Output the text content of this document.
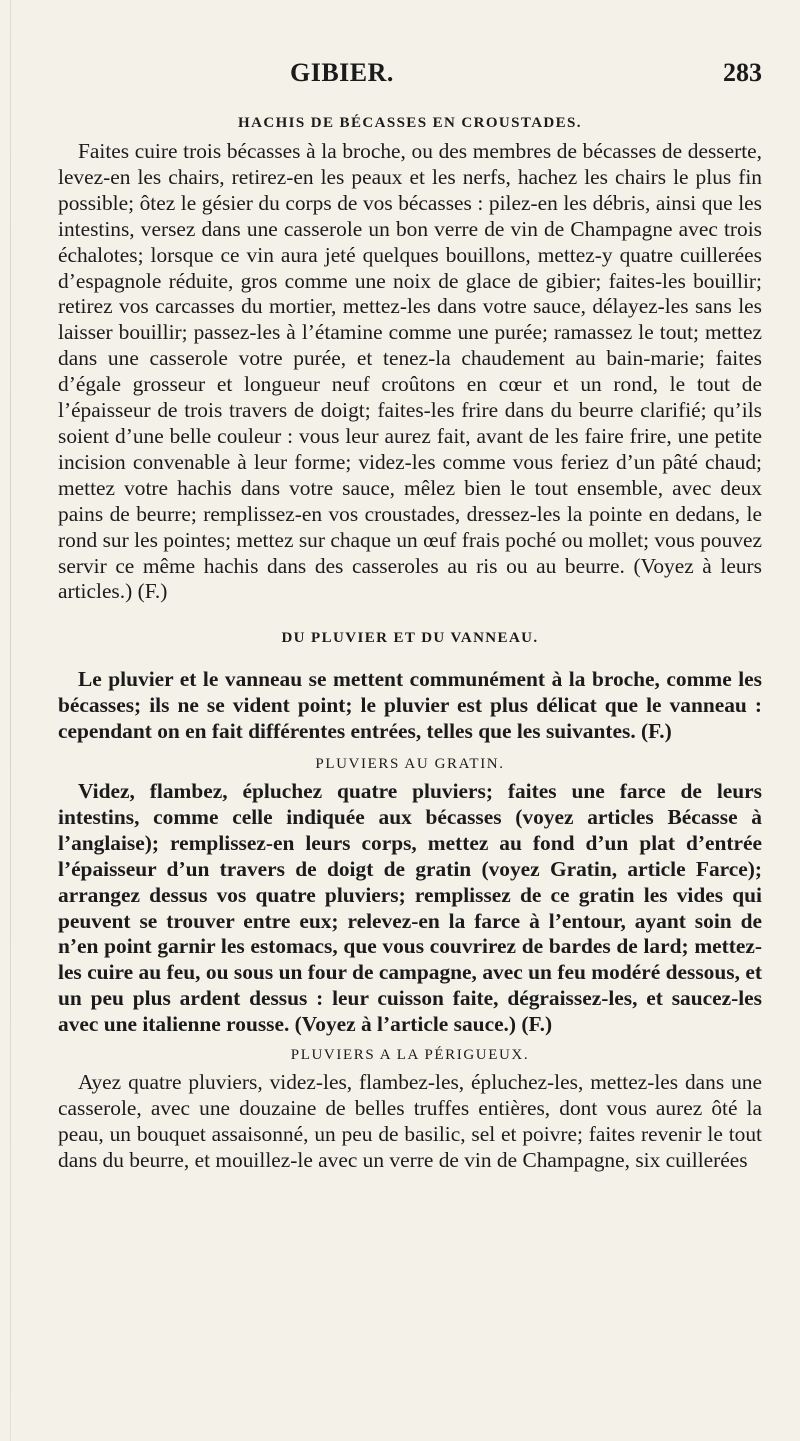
GIBIER.	283

HACHIS DE BÉCASSES EN CROUSTADES.

Faites cuire trois bécasses à la broche, ou des membres de bécasses de desserte, levez-en les chairs, retirez-en les peaux et les nerfs, hachez les chairs le plus fin possible; ôtez le gésier du corps de vos bécasses : pilez-en les débris, ainsi que les intestins, versez dans une casserole un bon verre de vin de Champagne avec trois échalotes; lorsque ce vin aura jeté quelques bouillons, mettez-y quatre cuillerées d’espagnole réduite, gros comme une noix de glace de gibier; faites-les bouillir; retirez vos carcasses du mortier, mettez-les dans votre sauce, délayez-les sans les laisser bouillir; passez-les à l’étamine comme une purée; ramassez le tout; mettez dans une casserole votre purée, et tenez-la chaudement au bain-marie; faites d’égale grosseur et longueur neuf croûtons en cœur et un rond, le tout de l’épaisseur de trois travers de doigt; faites-les frire dans du beurre clarifié; qu’ils soient d’une belle couleur : vous leur aurez fait, avant de les faire frire, une petite incision convenable à leur forme; videz-les comme vous feriez d’un pâté chaud; mettez votre hachis dans votre sauce, mêlez bien le tout ensemble, avec deux pains de beurre; remplissez-en vos croustades, dressez-les la pointe en dedans, le rond sur les pointes; mettez sur chaque un œuf frais poché ou mollet; vous pouvez servir ce même hachis dans des casseroles au ris ou au beurre. (Voyez à leurs articles.) (F.)

DU PLUVIER ET DU VANNEAU.

Le pluvier et le vanneau se mettent communément à la broche, comme les bécasses; ils ne se vident point; le pluvier est plus délicat que le vanneau : cependant on en fait différentes entrées, telles que les suivantes. (F.)

PLUVIERS AU GRATIN.

Videz, flambez, épluchez quatre pluviers; faites une farce de leurs intestins, comme celle indiquée aux bécasses (voyez articles Bécasse à l’anglaise); remplissez-en leurs corps, mettez au fond d’un plat d’entrée l’épaisseur d’un travers de doigt de gratin (voyez Gratin, article Farce); arrangez dessus vos quatre pluviers; remplissez de ce gratin les vides qui peuvent se trouver entre eux; relevez-en la farce à l’entour, ayant soin de n’en point garnir les estomacs, que vous couvrirez de bardes de lard; mettez-les cuire au feu, ou sous un four de campagne, avec un feu modéré dessous, et un peu plus ardent dessus : leur cuisson faite, dégraissez-les, et saucez-les avec une italienne rousse. (Voyez à l’article sauce.) (F.)

PLUVIERS A LA PÉRIGUEUX.

Ayez quatre pluviers, videz-les, flambez-les, épluchez-les, mettez-les dans une casserole, avec une douzaine de belles truffes entières, dont vous aurez ôté la peau, un bouquet assaisonné, un peu de basilic, sel et poivre; faites revenir le tout dans du beurre, et mouillez-le avec un verre de vin de Champagne, six cuillerées
